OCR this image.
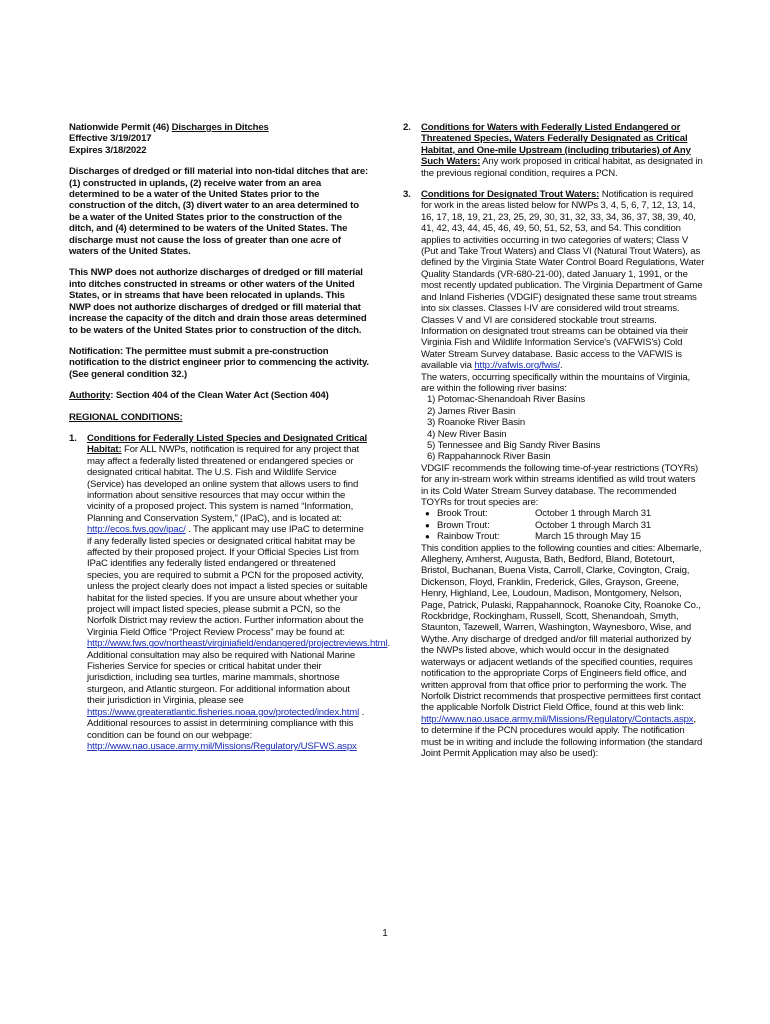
Nationwide Permit (46) Discharges in Ditches

Effective 3/19/2017

Expires 3/18/2022

Discharges of dredged or fill material into non-tidal ditches that are: (1) constructed in uplands, (2) receive water from an area determined to be a water of the United States prior to the construction of the ditch, (3) divert water to an area determined to be a water of the United States prior to the construction of the ditch, and (4) determined to be waters of the United States. The discharge must not cause the loss of greater than one acre of waters of the United States.

This NWP does not authorize discharges of dredged or fill material into ditches constructed in streams or other waters of the United States, or in streams that have been relocated in uplands. This NWP does not authorize discharges of dredged or fill material that increase the capacity of the ditch and drain those areas determined to be waters of the United States prior to construction of the ditch.

Notification: The permittee must submit a pre-construction notification to the district engineer prior to commencing the activity. (See general condition 32.)

Authority: Section 404 of the Clean Water Act (Section 404)

REGIONAL CONDITIONS:

1. Conditions for Federally Listed Species and Designated Critical Habitat: For ALL NWPs, notification is required for any project that may affect a federally listed threatened or endangered species or designated critical habitat. The U.S. Fish and Wildlife Service (Service) has developed an online system that allows users to find information about sensitive resources that may occur within the vicinity of a proposed project. This system is named “Information, Planning and Conservation System,” (IPaC), and is located at: http://ecos.fws.gov/ipac/ . The applicant may use IPaC to determine if any federally listed species or designated critical habitat may be affected by their proposed project. If your Official Species List from IPaC identifies any federally listed endangered or threatened species, you are required to submit a PCN for the proposed activity, unless the project clearly does not impact a listed species or suitable habitat for the listed species. If you are unsure about whether your project will impact listed species, please submit a PCN, so the Norfolk District may review the action. Further information about the Virginia Field Office “Project Review Process” may be found at: http://www.fws.gov/northeast/virginiafield/endangered/projectreviews.html. Additional consultation may also be required with National Marine Fisheries Service for species or critical habitat under their jurisdiction, including sea turtles, marine mammals, shortnose sturgeon, and Atlantic sturgeon. For additional information about their jurisdiction in Virginia, please see https://www.greateratlantic.fisheries.noaa.gov/protected/index.html . Additional resources to assist in determining compliance with this condition can be found on our webpage: http://www.nao.usace.army.mil/Missions/Regulatory/USFWS.aspx
2. Conditions for Waters with Federally Listed Endangered or Threatened Species, Waters Federally Designated as Critical Habitat, and One-mile Upstream (including tributaries) of Any Such Waters: Any work proposed in critical habitat, as designated in the previous regional condition, requires a PCN.
3. Conditions for Designated Trout Waters: Notification is required for work in the areas listed below for NWPs 3, 4, 5, 6, 7, 12, 13, 14, 16, 17, 18, 19, 21, 23, 25, 29, 30, 31, 32, 33, 34, 36, 37, 38, 39, 40, 41, 42, 43, 44, 45, 46, 49, 50, 51, 52, 53, and 54. This condition applies to activities occurring in two categories of waters; Class V (Put and Take Trout Waters) and Class VI (Natural Trout Waters), as defined by the Virginia State Water Control Board Regulations, Water Quality Standards (VR-680-21-00), dated January 1, 1991, or the most recently updated publication. The Virginia Department of Game and Inland Fisheries (VDGIF) designated these same trout streams into six classes. Classes I-IV are considered wild trout streams. Classes V and VI are considered stockable trout streams. Information on designated trout streams can be obtained via their Virginia Fish and Wildlife Information Service's (VAFWIS's) Cold Water Stream Survey database. Basic access to the VAFWIS is available via http://vafwis.org/fwis/.

The waters, occurring specifically within the mountains of Virginia, are within the following river basins:

1) Potomac-Shenandoah River Basins

2) James River Basin

3) Roanoke River Basin

4) New River Basin

5) Tennessee and Big Sandy River Basins

6) Rappahannock River Basin

VDGIF recommends the following time-of-year restrictions (TOYRs) for any in-stream work within streams identified as wild trout waters in its Cold Water Stream Survey database. The recommended TOYRs for trout species are:

● Brook Trout:	October 1 through March 31
● Brown Trout:	October 1 through March 31
● Rainbow Trout:	March 15 through May 15

This condition applies to the following counties and cities: Albemarle, Allegheny, Amherst, Augusta, Bath, Bedford, Bland, Botetourt, Bristol, Buchanan, Buena Vista, Carroll, Clarke, Covington, Craig, Dickenson, Floyd, Franklin, Frederick, Giles, Grayson, Greene, Henry, Highland, Lee, Loudoun, Madison, Montgomery, Nelson, Page, Patrick, Pulaski, Rappahannock, Roanoke City, Roanoke Co., Rockbridge, Rockingham, Russell, Scott, Shenandoah, Smyth, Staunton, Tazewell, Warren, Washington, Waynesboro, Wise, and Wythe. Any discharge of dredged and/or fill material authorized by the NWPs listed above, which would occur in the designated waterways or adjacent wetlands of the specified counties, requires notification to the appropriate Corps of Engineers field office, and written approval from that office prior to performing the work. The Norfolk District recommends that prospective permittees first contact the applicable Norfolk District Field Office, found at this web link: http://www.nao.usace.army.mil/Missions/Regulatory/Contacts.aspx, to determine if the PCN procedures would apply. The notification must be in writing and include the following information (the standard Joint Permit Application may also be used):

1
